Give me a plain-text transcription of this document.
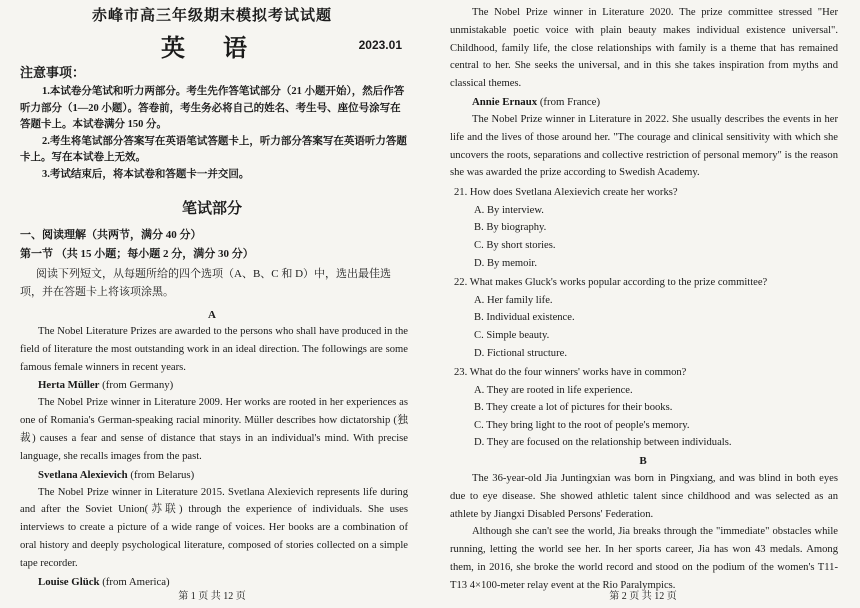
赤峰市高三年级期末模拟考试试题
英 语	2023.01
注意事项：

1.本试卷分笔试和听力两部分。考生先作答笔试部分（21 小题开始），然后作答听力部分（1—20 小题）。答卷前，考生务必将自己的姓名、考生号、座位号涂写在答题卡上。本试卷满分 150 分。

2.考生将笔试部分答案写在英语笔试答题卡上，听力部分答案写在英语听力答题卡上。写在本试卷上无效。

3.考试结束后，将本试卷和答题卡一并交回。

笔试部分
一、阅读理解（共两节，满分 40 分）
第一节 （共 15 小题；每小题 2 分，满分 30 分）
阅读下列短文，从每题所给的四个选项（A、B、C 和 D）中，选出最佳选项，并在答题卡上将该项涂黑。
A
The Nobel Literature Prizes are awarded to the persons who shall have produced in the field of literature the most outstanding work in an ideal direction. The followings are some famous female winners in recent years.
Herta Müller (from Germany)
The Nobel Prize winner in Literature 2009. Her works are rooted in her experiences as one of Romania's German-speaking racial minority. Müller describes how dictatorship (独裁) causes a fear and sense of distance that stays in an individual's mind. With precise language, she recalls images from the past.
Svetlana Alexievich (from Belarus)
The Nobel Prize winner in Literature 2015. Svetlana Alexievich represents life during and after the Soviet Union(苏联) through the experience of individuals. She uses interviews to create a picture of a wide range of voices. Her books are a combination of oral history and deeply psychological literature, composed of stories collected on a simple tape recorder.
Louise Glück (from America)
第 1 页 共 12 页
The Nobel Prize winner in Literature 2020. The prize committee stressed "Her unmistakable poetic voice with plain beauty makes individual existence universal". Childhood, family life, the close relationships with family is a theme that has remained central to her. She seeks the universal, and in this she takes inspiration from myths and classical themes.
Annie Ernaux (from France)
The Nobel Prize winner in Literature in 2022. She usually describes the events in her life and the lives of those around her. "The courage and clinical sensitivity with which she uncovers the roots, separations and collective restriction of personal memory" is the reason she was awarded the prize according to Swedish Academy.
21. How does Svetlana Alexievich create her works?
A. By interview.
B. By biography.
C. By short stories.
D. By memoir.
22. What makes Gluck's works popular according to the prize committee?
A. Her family life.
B. Individual existence.
C. Simple beauty.
D. Fictional structure.
23. What do the four winners' works have in common?
A. They are rooted in life experience.
B. They create a lot of pictures for their books.
C. They bring light to the root of people's memory.
D. They are focused on the relationship between individuals.
B
The 36-year-old Jia Juntingxian was born in Pingxiang, and was blind in both eyes due to eye disease. She showed athletic talent since childhood and was selected as an athlete by Jiangxi Disabled Persons' Federation.
Although she can't see the world, Jia breaks through the "immediate" obstacles while running, letting the world see her. In her sports career, Jia has won 43 medals. Among them, in 2016, she broke the world record and stood on the podium of the women's T11-T13 4×100-meter relay event at the Rio Paralympics.
第 2 页 共 12 页
